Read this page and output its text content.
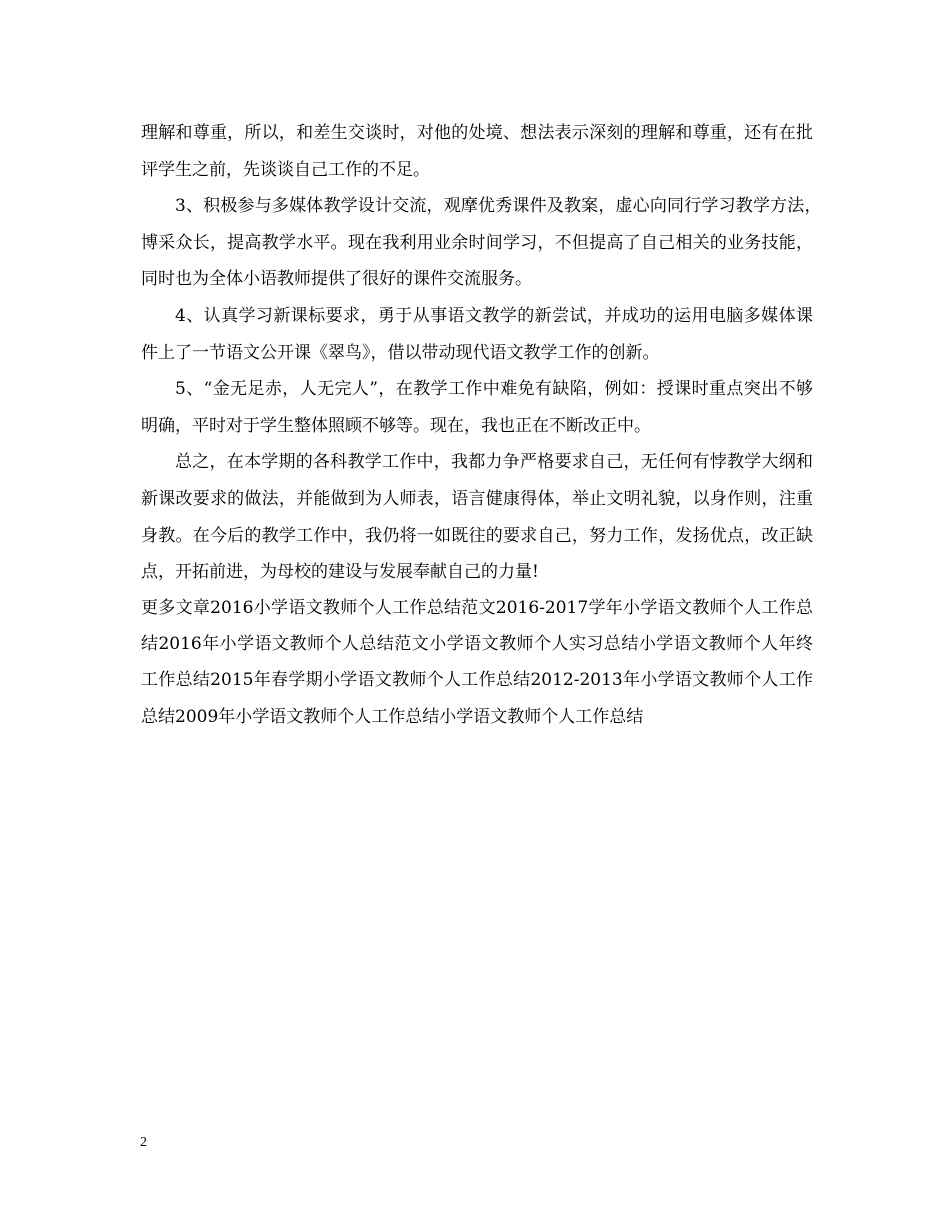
理解和尊重，所以，和差生交谈时，对他的处境、想法表示深刻的理解和尊重，还有在批评学生之前，先谈谈自己工作的不足。

3、积极参与多媒体教学设计交流，观摩优秀课件及教案，虚心向同行学习教学方法，　博采众长，提高教学水平。现在我利用业余时间学习，不但提高了自己相关的业务技能，同时也为全体小语教师提供了很好的课件交流服务。

4、认真学习新课标要求，勇于从事语文教学的新尝试，并成功的运用电脑多媒体课件上了一节语文公开课《翠鸟》，借以带动现代语文教学工作的创新。

5、“金无足赤，人无完人”，在教学工作中难免有缺陷，例如：授课时重点突出不够明确，平时对于学生整体照顾不够等。现在，我也正在不断改正中。

总之，在本学期的各科教学工作中，我都力争严格要求自己，无任何有悖教学大纲和新课改要求的做法，并能做到为人师表，语言健康得体，举止文明礼貌，以身作则，注重身教。在今后的教学工作中，我仍将一如既往的要求自己，努力工作，发扬优点，改正缺点，开拓前进，为母校的建设与发展奉献自己的力量!

更多文章2016小学语文教师个人工作总结范文2016-2017学年小学语文教师个人工作总结2016年小学语文教师个人总结范文小学语文教师个人实习总结小学语文教师个人年终工作总结2015年春学期小学语文教师个人工作总结2012-2013年小学语文教师个人工作总结2009年小学语文教师个人工作总结小学语文教师个人工作总结

2
